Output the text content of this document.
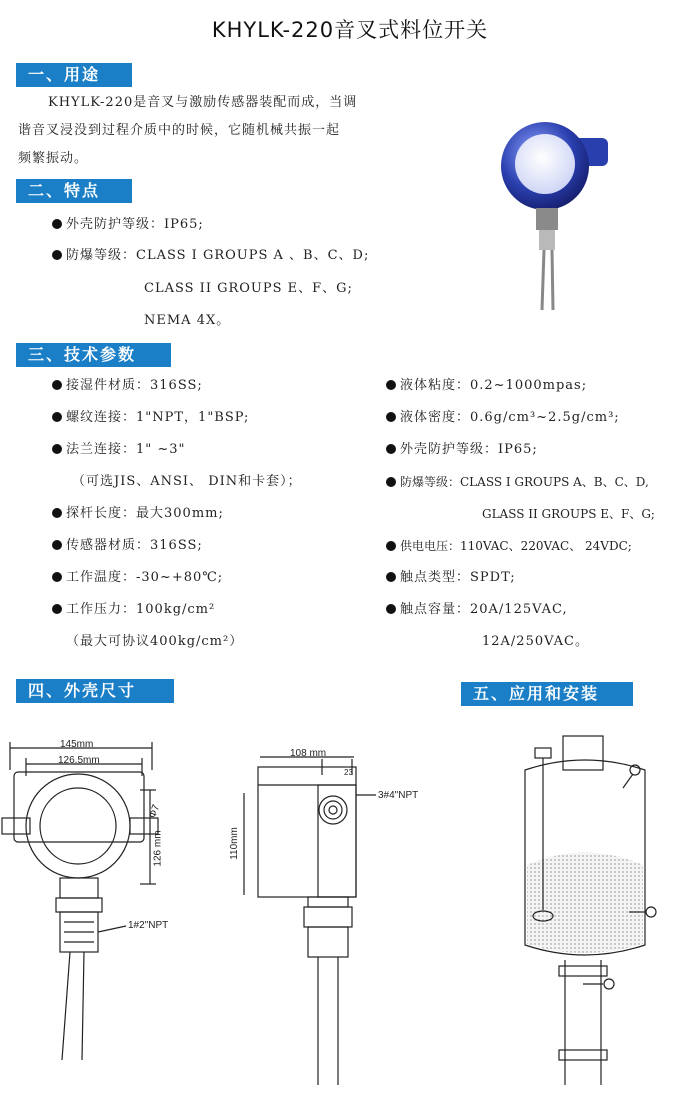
KHYLK-220音叉式料位开关
一、用途
KHYLK-220是音叉与激励传感器装配而成，当调
谐音叉浸没到过程介质中的时候，它随机械共振一起
频繁振动。
二、特点
外壳防护等级：IP65;
防爆等级：CLASS I GROUPS A 、B、C、D;
CLASS II GROUPS E、F、G;
NEMA 4X。
三、技术参数
接湿件材质：316SS;
螺纹连接：1"NPT，1"BSP;
法兰连接：1" ~3"
（可选JIS、ANSI、 DIN和卡套）；
探杆长度：最大300mm;
传感器材质：316SS;
工作温度：-30~+80℃;
工作压力：100kg/cm²
（最大可协议400kg/cm²）
液体粘度：0.2~1000mpas;
液体密度：0.6g/cm³~2.5g/cm³;
外壳防护等级：IP65;
防爆等级：CLASS I GROUPS A、B、C、D,
GLASS II GROUPS E、F、G;
供电电压：110VAC、220VAC、 24VDC;
触点类型：SPDT;
触点容量：20A/125VAC,
12A/250VAC。
四、外壳尺寸	五、应用和安装
145mm
126.5mm
Φ7
126 mm
1#2"NPT
108 mm
23
3#4"NPT
110mm
